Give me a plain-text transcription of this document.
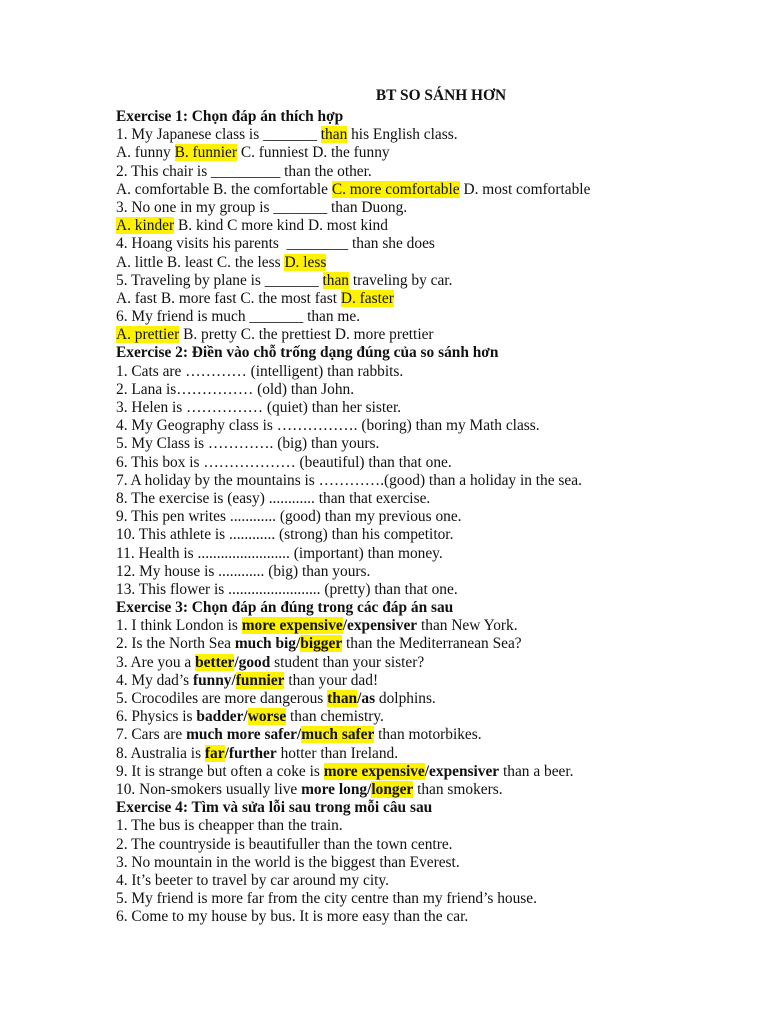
BT SO SÁNH HƠN
Exercise 1: Chọn đáp án thích hợp
1. My Japanese class is _______ than his English class.
A. funny B. funnier C. funniest D. the funny
2. This chair is _________ than the other.
A. comfortable B. the comfortable C. more comfortable D. most comfortable
3. No one in my group is _______ than Duong.
A. kinder B. kind C more kind D. most kind
4. Hoang visits his parents  ________ than she does
A. little B. least C. the less D. less
5. Traveling by plane is _______ than traveling by car.
A. fast B. more fast C. the most fast D. faster
6. My friend is much _______ than me.
A. prettier B. pretty C. the prettiest D. more prettier
Exercise 2: Điền vào chỗ trống dạng đúng của so sánh hơn
1. Cats are ………… (intelligent) than rabbits.
2. Lana is…………… (old) than John.
3. Helen is …………… (quiet) than her sister.
4. My Geography class is ……………. (boring) than my Math class.
5. My Class is …………. (big) than yours.
6. This box is ……………… (beautiful) than that one.
7. A holiday by the mountains is ………….(good) than a holiday in the sea.
8. The exercise is (easy) ............ than that exercise.
9. This pen writes ............ (good) than my previous one.
10. This athlete is ............ (strong) than his competitor.
11. Health is ........................ (important) than money.
12. My house is ............ (big) than yours.
13. This flower is ........................ (pretty) than that one.
Exercise 3: Chọn đáp án đúng trong các đáp án sau
1. I think London is more expensive/expensiver than New York.
2. Is the North Sea much big/bigger than the Mediterranean Sea?
3. Are you a better/good student than your sister?
4. My dad’s funny/funnier than your dad!
5. Crocodiles are more dangerous than/as dolphins.
6. Physics is badder/worse than chemistry.
7. Cars are much more safer/much safer than motorbikes.
8. Australia is far/further hotter than Ireland.
9. It is strange but often a coke is more expensive/expensiver than a beer.
10. Non-smokers usually live more long/longer than smokers.
Exercise 4: Tìm và sửa lỗi sau trong mỗi câu sau
1. The bus is cheapper than the train.
2. The countryside is beautifuller than the town centre.
3. No mountain in the world is the biggest than Everest.
4. It’s beeter to travel by car around my city.
5. My friend is more far from the city centre than my friend’s house.
6. Come to my house by bus. It is more easy than the car.
